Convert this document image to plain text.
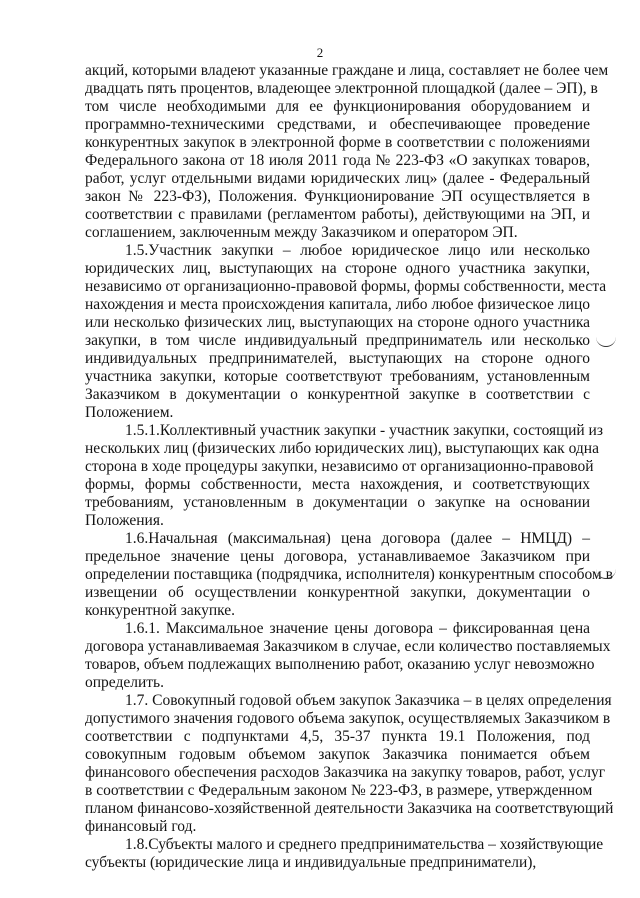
2
акций, которыми владеют указанные граждане и лица, составляет не более чем
двадцать пять процентов, владеющее электронной площадкой (далее – ЭП), в
том числе необходимыми для ее функционирования оборудованием и
программно-техническими средствами, и обеспечивающее проведение
конкурентных закупок в электронной форме в соответствии с положениями
Федерального закона от 18 июля 2011 года № 223-ФЗ «О закупках товаров,
работ, услуг отдельными видами юридических лиц» (далее - Федеральный
закон № 223-ФЗ), Положения. Функционирование ЭП осуществляется в
соответствии с правилами (регламентом работы), действующими на ЭП, и
соглашением, заключенным между Заказчиком и оператором ЭП.
1.5.Участник закупки – любое юридическое лицо или несколько
юридических лиц, выступающих на стороне одного участника закупки,
независимо от организационно-правовой формы, формы собственности, места
нахождения и места происхождения капитала, либо любое физическое лицо
или несколько физических лиц, выступающих на стороне одного участника
закупки, в том числе индивидуальный предприниматель или несколько
индивидуальных предпринимателей, выступающих на стороне одного
участника закупки, которые соответствуют требованиям, установленным
Заказчиком в документации о конкурентной закупке в соответствии с
Положением.
1.5.1.Коллективный участник закупки - участник закупки, состоящий из
нескольких лиц (физических либо юридических лиц), выступающих как одна
сторона в ходе процедуры закупки, независимо от организационно-правовой
формы, формы собственности, места нахождения, и соответствующих
требованиям, установленным в документации о закупке на основании
Положения.
1.6.Начальная (максимальная) цена договора (далее – НМЦД) –
предельное значение цены договора, устанавливаемое Заказчиком при
определении поставщика (подрядчика, исполнителя) конкурентным способом в
извещении об осуществлении конкурентной закупки, документации о
конкурентной закупке.
1.6.1. Максимальное значение цены договора – фиксированная цена
договора устанавливаемая Заказчиком в случае, если количество поставляемых
товаров, объем подлежащих выполнению работ, оказанию услуг невозможно
определить.
1.7. Совокупный годовой объем закупок Заказчика – в целях определения
допустимого значения годового объема закупок, осуществляемых Заказчиком в
соответствии с подпунктами 4,5, 35-37 пункта 19.1 Положения, под
совокупным годовым объемом закупок Заказчика понимается объем
финансового обеспечения расходов Заказчика на закупку товаров, работ, услуг
в соответствии с Федеральным законом № 223-ФЗ, в размере, утвержденном
планом финансово-хозяйственной деятельности Заказчика на соответствующий
финансовый год.
1.8.Субъекты малого и среднего предпринимательства – хозяйствующие
субъекты (юридические лица и индивидуальные предприниматели),
